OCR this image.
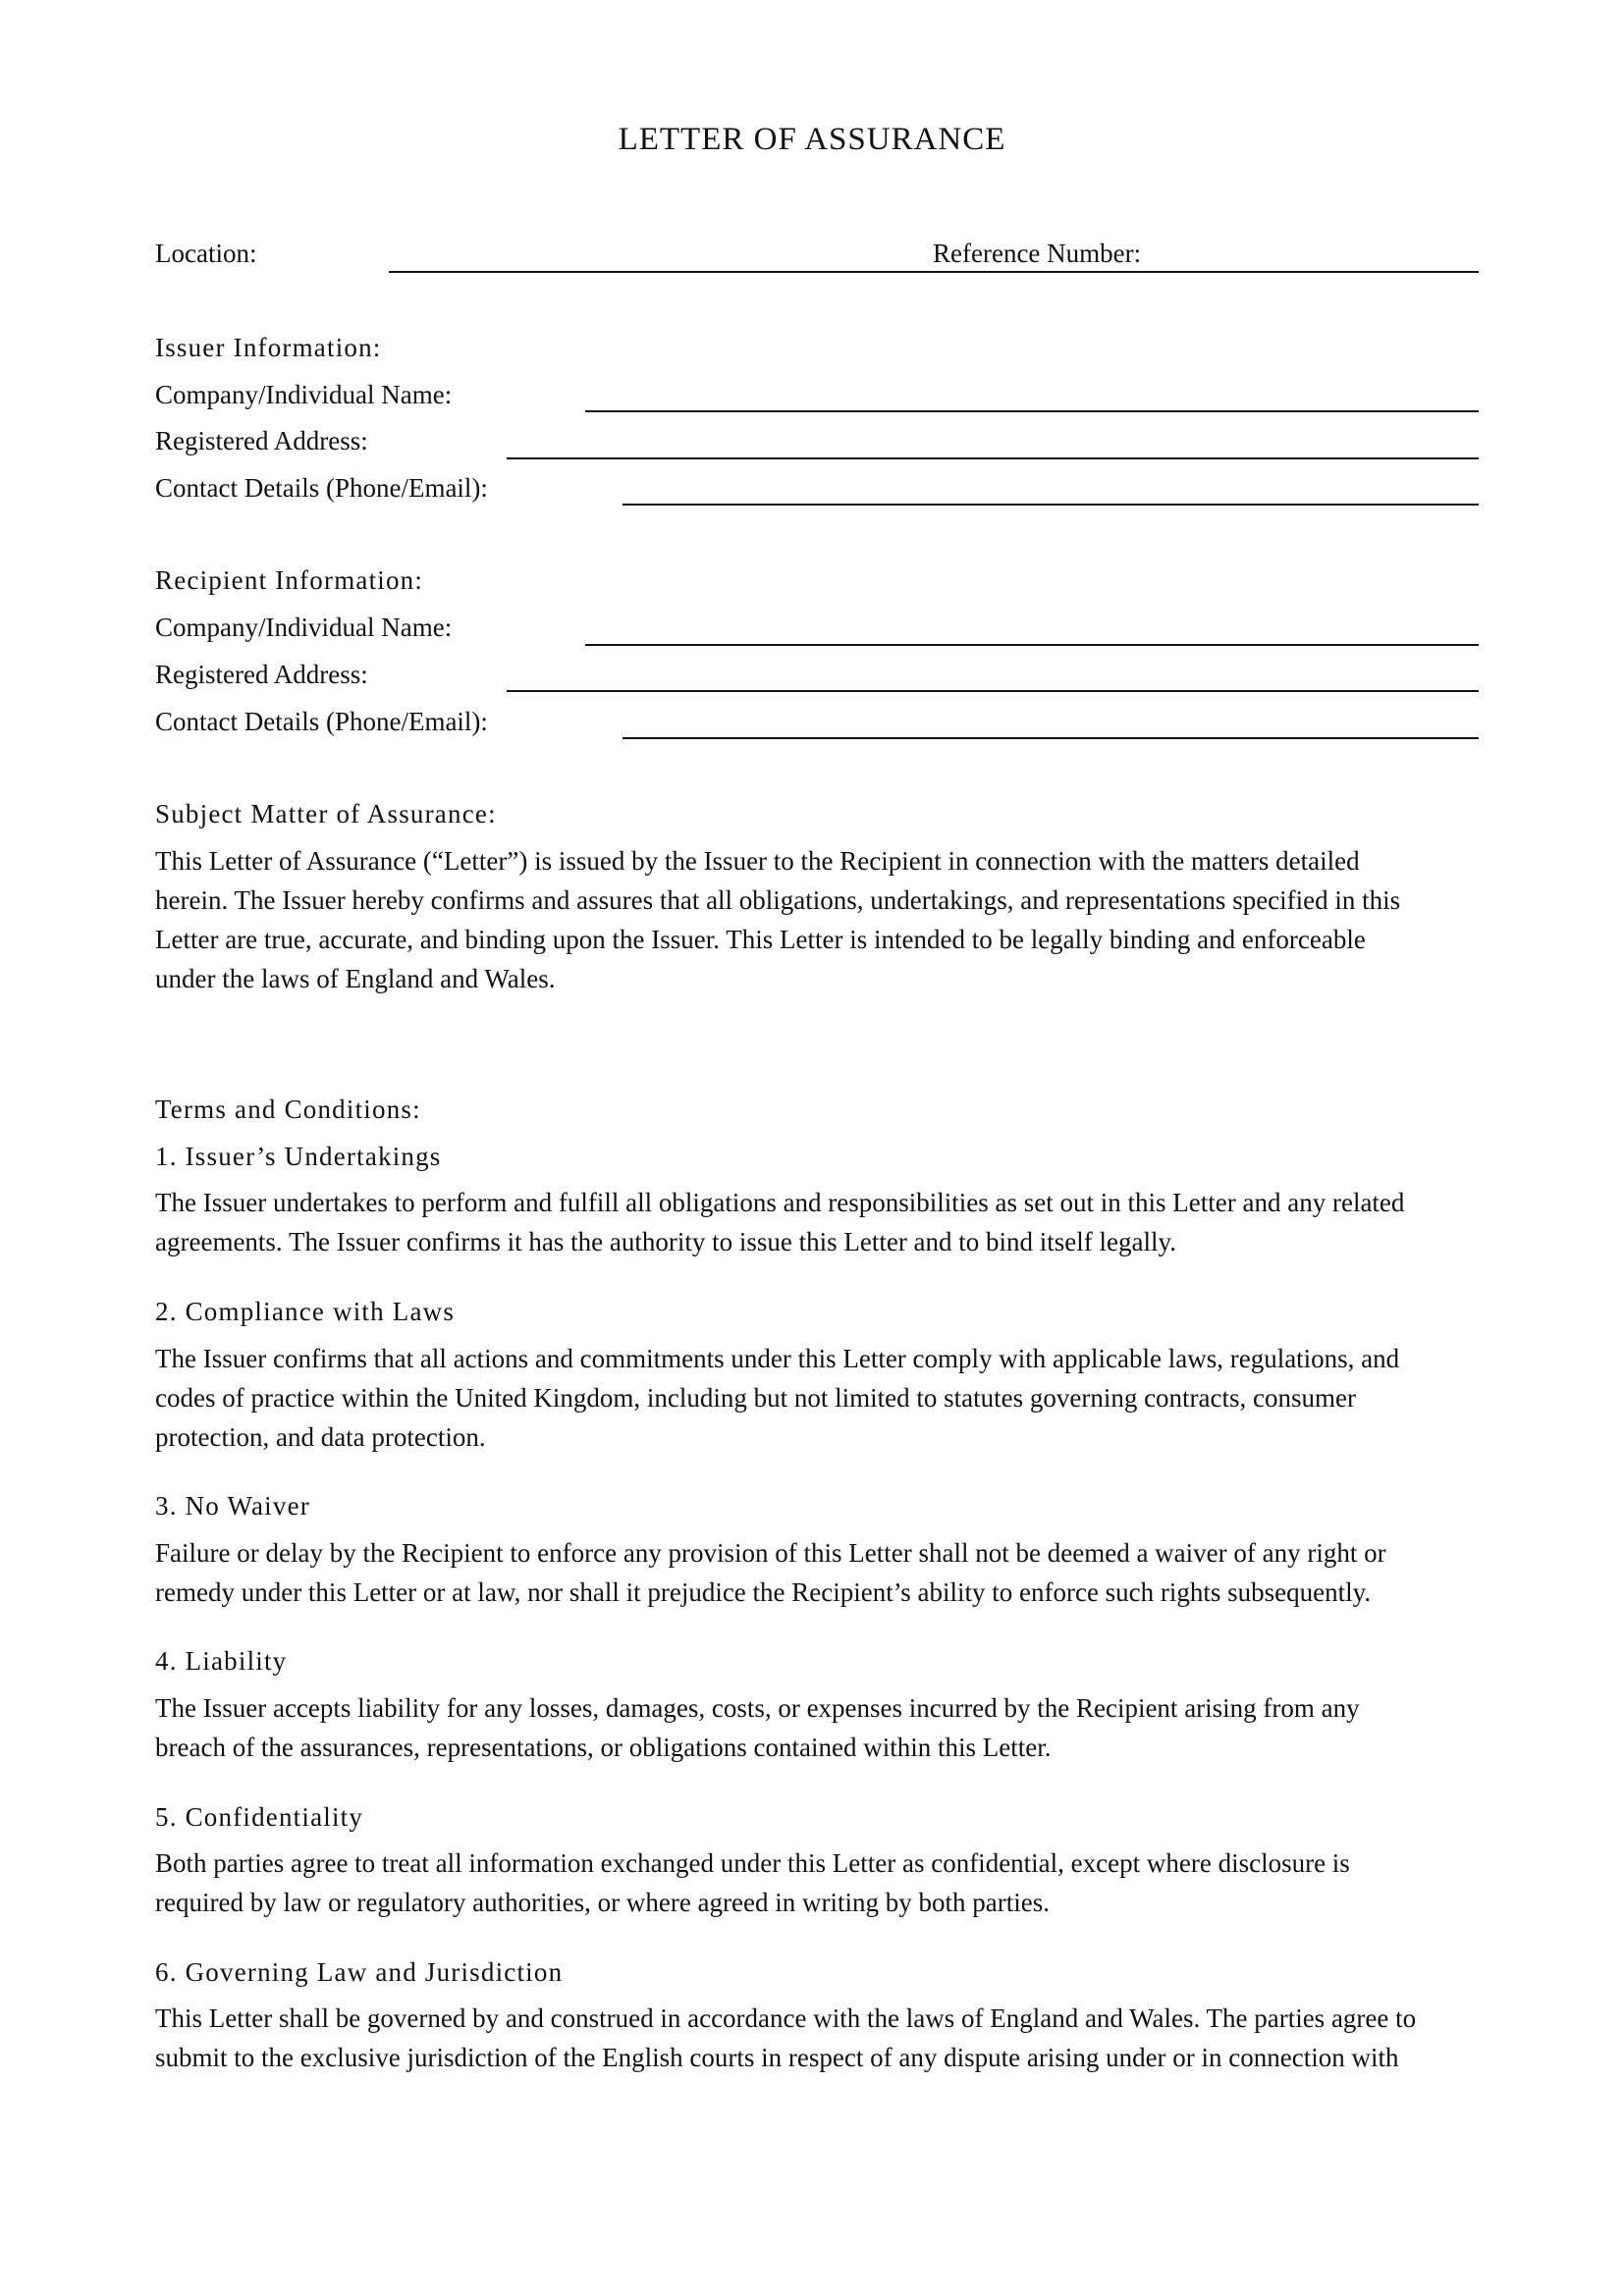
LETTER OF ASSURANCE
Location:	Reference Number:
Issuer Information:
Company/Individual Name:
Registered Address:
Contact Details (Phone/Email):
Recipient Information:
Company/Individual Name:
Registered Address:
Contact Details (Phone/Email):
Subject Matter of Assurance:
This Letter of Assurance (“Letter”) is issued by the Issuer to the Recipient in connection with the matters detailed
herein. The Issuer hereby confirms and assures that all obligations, undertakings, and representations specified in this
Letter are true, accurate, and binding upon the Issuer. This Letter is intended to be legally binding and enforceable
under the laws of England and Wales.
Terms and Conditions:
1. Issuer’s Undertakings
The Issuer undertakes to perform and fulfill all obligations and responsibilities as set out in this Letter and any related
agreements. The Issuer confirms it has the authority to issue this Letter and to bind itself legally.
2. Compliance with Laws
The Issuer confirms that all actions and commitments under this Letter comply with applicable laws, regulations, and
codes of practice within the United Kingdom, including but not limited to statutes governing contracts, consumer
protection, and data protection.
3. No Waiver
Failure or delay by the Recipient to enforce any provision of this Letter shall not be deemed a waiver of any right or
remedy under this Letter or at law, nor shall it prejudice the Recipient’s ability to enforce such rights subsequently.
4. Liability
The Issuer accepts liability for any losses, damages, costs, or expenses incurred by the Recipient arising from any
breach of the assurances, representations, or obligations contained within this Letter.
5. Confidentiality
Both parties agree to treat all information exchanged under this Letter as confidential, except where disclosure is
required by law or regulatory authorities, or where agreed in writing by both parties.
6. Governing Law and Jurisdiction
This Letter shall be governed by and construed in accordance with the laws of England and Wales. The parties agree to
submit to the exclusive jurisdiction of the English courts in respect of any dispute arising under or in connection with
